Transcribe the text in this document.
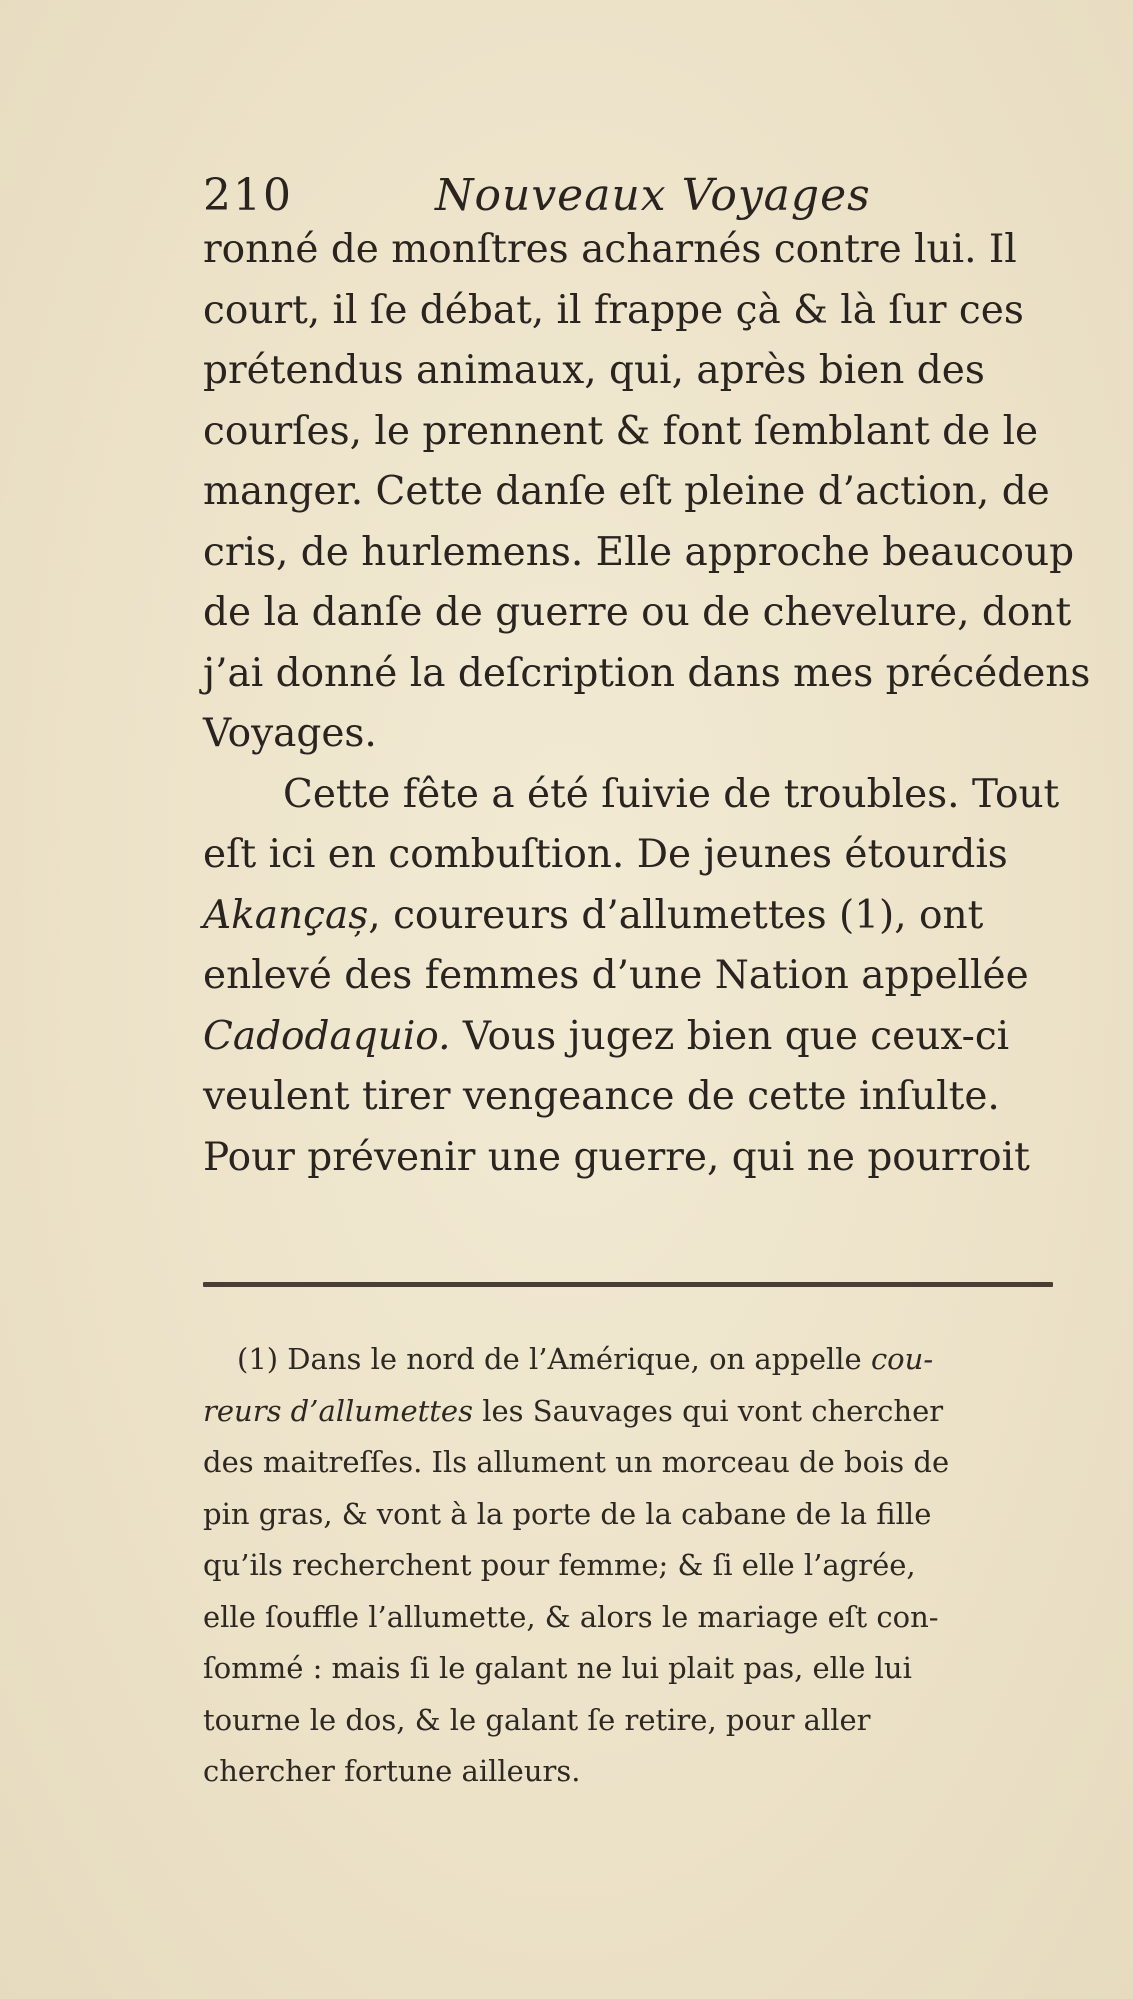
210	Nouveaux Voyages
ronné de monſtres acharnés contre lui. Il
court, il ſe débat, il frappe çà & là ſur ces
prétendus animaux, qui, après bien des
courſes, le prennent & font ſemblant de le
manger. Cette danſe eſt pleine d’action, de
cris, de hurlemens. Elle approche beaucoup
de la danſe de guerre ou de chevelure, dont
j’ai donné la deſcription dans mes précédens
Voyages.
Cette fête a été ſuivie de troubles. Tout
eſt ici en combuſtion. De jeunes étourdis
Akançaș, coureurs d’allumettes (1), ont
enlevé des femmes d’une Nation appellée
Cadodaquio. Vous jugez bien que ceux-ci
veulent tirer vengeance de cette inſulte.
Pour prévenir une guerre, qui ne pourroit
(1) Dans le nord de l’Amérique, on appelle cou-
reurs d’allumettes les Sauvages qui vont chercher
des maitreſſes. Ils allument un morceau de bois de
pin gras, & vont à la porte de la cabane de la fille
qu’ils recherchent pour femme; & ſi elle l’agrée,
elle ſouffle l’allumette, & alors le mariage eſt con-
ſommé : mais ſi le galant ne lui plait pas, elle lui
tourne le dos, & le galant ſe retire, pour aller
chercher fortune ailleurs.
